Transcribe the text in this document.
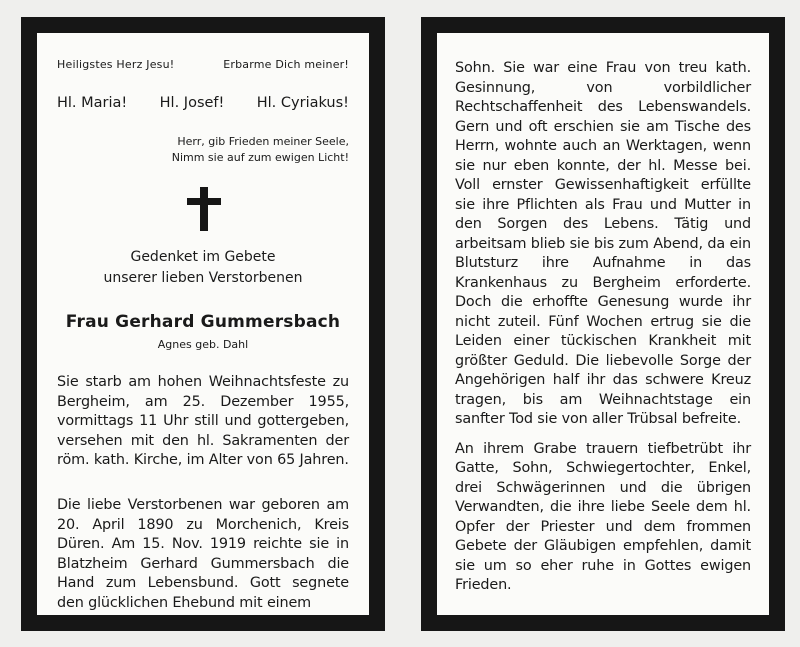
Heiligstes Herz Jesu!	Erbarme Dich meiner!
Hl. Maria! Hl. Josef! Hl. Cyriakus!
Herr, gib Frieden meiner Seele,
Nimm sie auf zum ewigen Licht!
Gedenket im Gebete
unserer lieben Verstorbenen
Frau Gerhard Gummersbach
Agnes geb. Dahl

Sie starb am hohen Weihnachtsfeste zu Bergheim, am 25. Dezember 1955, vormittags 11 Uhr still und gottergeben, versehen mit den hl. Sakramenten der röm. kath. Kirche, im Alter von 65 Jahren.

Die liebe Verstorbenen war geboren am 20. April 1890 zu Morchenich, Kreis Düren. Am 15. Nov. 1919 reichte sie in Blatzheim Gerhard Gummersbach die Hand zum Lebensbund. Gott segnete den glücklichen Ehebund mit einem

Sohn. Sie war eine Frau von treu kath. Gesinnung, von vorbildlicher Rechtschaffenheit des Lebenswandels. Gern und oft erschien sie am Tische des Herrn, wohnte auch an Werktagen, wenn sie nur eben konnte, der hl. Messe bei. Voll ernster Gewissenhaftigkeit erfüllte sie ihre Pflichten als Frau und Mutter in den Sorgen des Lebens. Tätig und arbeitsam blieb sie bis zum Abend, da ein Blutsturz ihre Aufnahme in das Krankenhaus zu Bergheim erforderte. Doch die erhoffte Genesung wurde ihr nicht zuteil. Fünf Wochen ertrug sie die Leiden einer tückischen Krankheit mit größter Geduld. Die liebevolle Sorge der Angehörigen half ihr das schwere Kreuz tragen, bis am Weihnachtstage ein sanfter Tod sie von aller Trübsal befreite.

An ihrem Grabe trauern tiefbetrübt ihr Gatte, Sohn, Schwiegertochter, Enkel, drei Schwägerinnen und die übrigen Verwandten, die ihre liebe Seele dem hl. Opfer der Priester und dem frommen Gebete der Gläubigen empfehlen, damit sie um so eher ruhe in Gottes ewigen Frieden.
